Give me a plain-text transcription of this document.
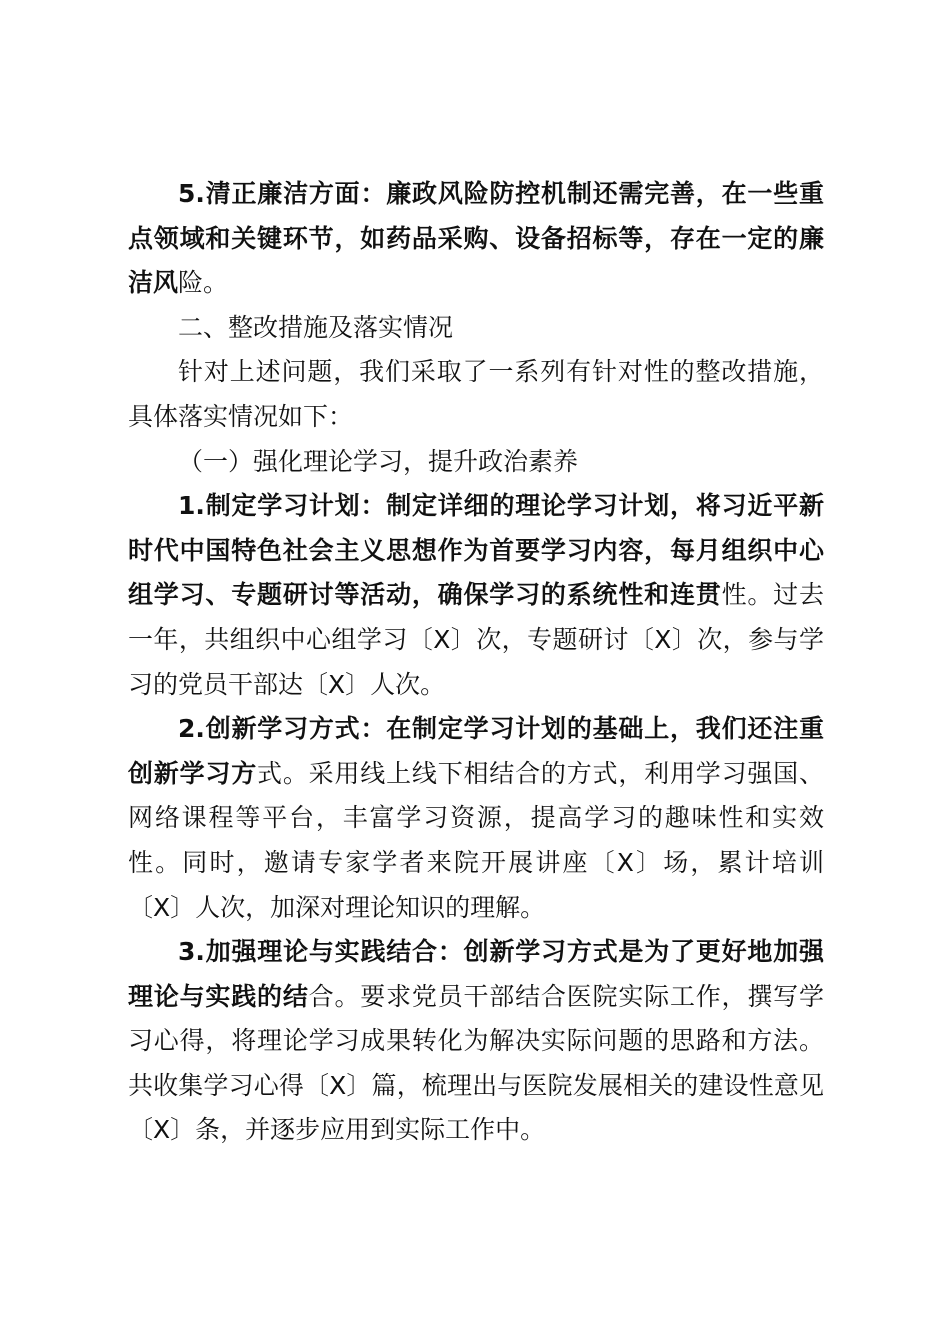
5.清正廉洁方面：廉政风险防控机制还需完善，在一些重点领域和关键环节，如药品采购、设备招标等，存在一定的廉洁风险。

二、整改措施及落实情况

针对上述问题，我们采取了一系列有针对性的整改措施，具体落实情况如下：

（一）强化理论学习，提升政治素养

1.制定学习计划：制定详细的理论学习计划，将习近平新时代中国特色社会主义思想作为首要学习内容，每月组织中心组学习、专题研讨等活动，确保学习的系统性和连贯性。过去一年，共组织中心组学习〔X〕次，专题研讨〔X〕次，参与学习的党员干部达〔X〕人次。

2.创新学习方式：在制定学习计划的基础上，我们还注重创新学习方式。采用线上线下相结合的方式，利用学习强国、网络课程等平台，丰富学习资源，提高学习的趣味性和实效性。同时，邀请专家学者来院开展讲座〔X〕场，累计培训〔X〕人次，加深对理论知识的理解。

3.加强理论与实践结合：创新学习方式是为了更好地加强理论与实践的结合。要求党员干部结合医院实际工作，撰写学习心得，将理论学习成果转化为解决实际问题的思路和方法。共收集学习心得〔X〕篇，梳理出与医院发展相关的建设性意见〔X〕条，并逐步应用到实际工作中。
